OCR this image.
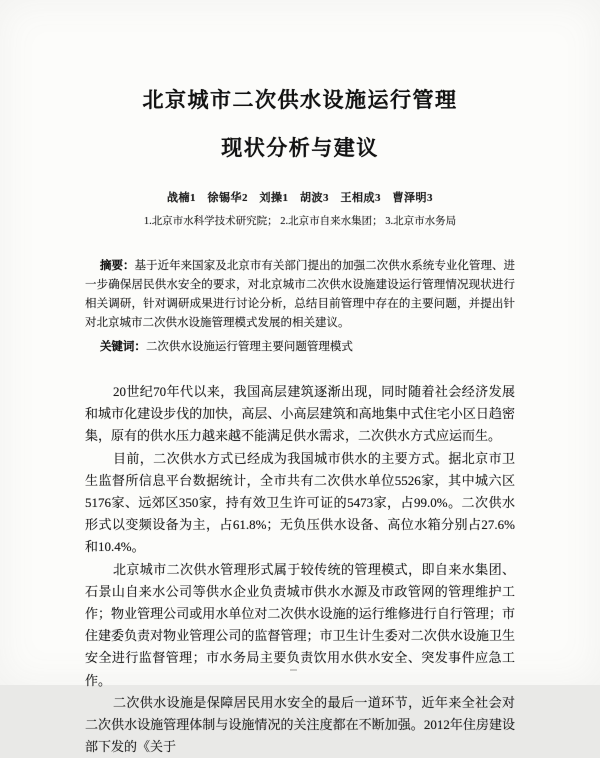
北京城市二次供水设施运行管理
现状分析与建议
战楠1　徐锡华2　刘操1　胡波3　王相成3　曹泽明3
1.北京市水科学技术研究院； 2.北京市自来水集团； 3.北京市水务局

摘要：基于近年来国家及北京市有关部门提出的加强二次供水系统专业化管理、进一步确保居民供水安全的要求，对北京城市二次供水设施建设运行管理情况现状进行相关调研，针对调研成果进行讨论分析，总结目前管理中存在的主要问题，并提出针对北京城市二次供水设施管理模式发展的相关建议。

关键词：二次供水设施运行管理主要问题管理模式

20世纪70年代以来，我国高层建筑逐渐出现，同时随着社会经济发展和城市化建设步伐的加快，高层、小高层建筑和高地集中式住宅小区日趋密集，原有的供水压力越来越不能满足供水需求，二次供水方式应运而生。

目前，二次供水方式已经成为我国城市供水的主要方式。据北京市卫生监督所信息平台数据统计，全市共有二次供水单位5526家，其中城六区5176家、远郊区350家，持有效卫生许可证的5473家，占99.0%。二次供水形式以变频设备为主，占61.8%；无负压供水设备、高位水箱分别占27.6%和10.4%。

北京城市二次供水管理形式属于较传统的管理模式，即自来水集团、石景山自来水公司等供水企业负责城市供水水源及市政管网的管理维护工作；物业管理公司或用水单位对二次供水设施的运行维修进行自行管理；市住建委负责对物业管理公司的监督管理；市卫生计生委对二次供水设施卫生安全进行监督管理；市水务局主要负责饮用水供水安全、突发事件应急工作。

二次供水设施是保障居民用水安全的最后一道环节，近年来全社会对二次供水设施管理体制与设施情况的关注度都在不断加强。2012年住房建设部下发的《关于
